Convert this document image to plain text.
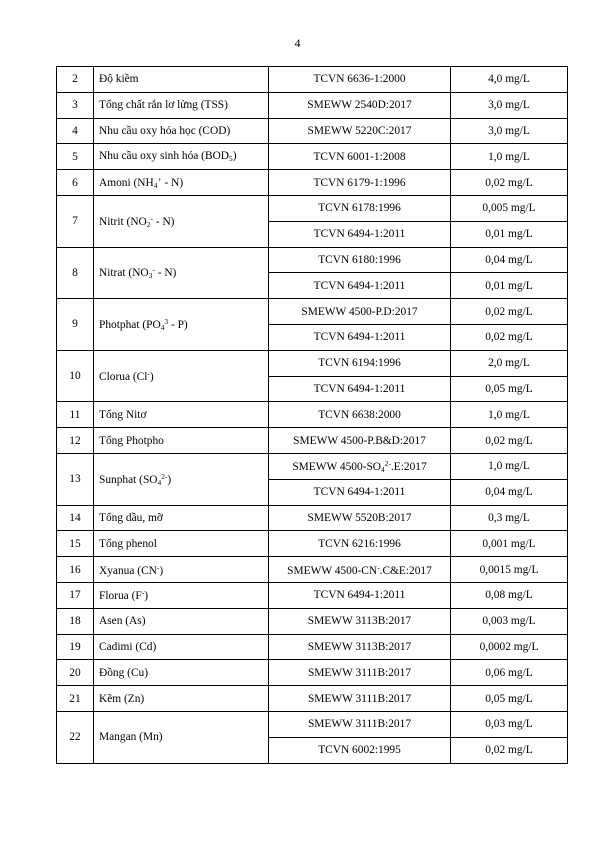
4
2	Độ kiềm	TCVN 6636-1:2000	4,0 mg/L
3	Tổng chất rắn lơ lửng (TSS)	SMEWW 2540D:2017	3,0 mg/L
4	Nhu cầu oxy hóa học (COD)	SMEWW 5220C:2017	3,0 mg/L
5	Nhu cầu oxy sinh hóa $(BOD_5)$	TCVN 6001-1:2008	1,0 mg/L
6	Amoni $(NH_4^+ - N)$	TCVN 6179-1:1996	0,02 mg/L
7	Nitrit $(NO_2^- - N)$	TCVN 6178:1996	0,005 mg/L
		TCVN 6494-1:2011	0,01 mg/L
8	Nitrat $(NO_3^- - N)$	TCVN 6180:1996	0,04 mg/L
		TCVN 6494-1:2011	0,01 mg/L
9	Photphat $(PO_4^3 - P)$	SMEWW 4500-P.D:2017	0,02 mg/L
		TCVN 6494-1:2011	0,02 mg/L
10	Clorua (Cl-)	TCVN 6194:1996	2,0 mg/L
		TCVN 6494-1:2011	0,05 mg/L
11	Tổng Nitơ	TCVN 6638:2000	1,0 mg/L
12	Tổng Photpho	SMEWW 4500-P.B&D:2017	0,02 mg/L
13	Sunphat $(SO_4^{2-})$	SMEWW $4500-SO_4^{2-}.E:2017$	1,0 mg/L
		TCVN 6494-1:2011	0,04 mg/L
14	Tổng dầu, mỡ	SMEWW 5520B:2017	0,3 mg/L
15	Tổng phenol	TCVN 6216:1996	0,001 mg/L
16	Xyanua (CN-)	SMEWW 4500-CN-.C&E:2017	0,0015 mg/L
17	Florua (F-)	TCVN 6494-1:2011	0,08 mg/L
18	Asen (As)	SMEWW 3113B:2017	0,003 mg/L
19	Cadimi (Cd)	SMEWW 3113B:2017	0,0002 mg/L
20	Đồng (Cu)	SMEWW 3111B:2017	0,06 mg/L
21	Kẽm (Zn)	SMEWW 3111B:2017	0,05 mg/L
22	Mangan (Mn)	SMEWW 3111B:2017	0,03 mg/L
		TCVN 6002:1995	0,02 mg/L
